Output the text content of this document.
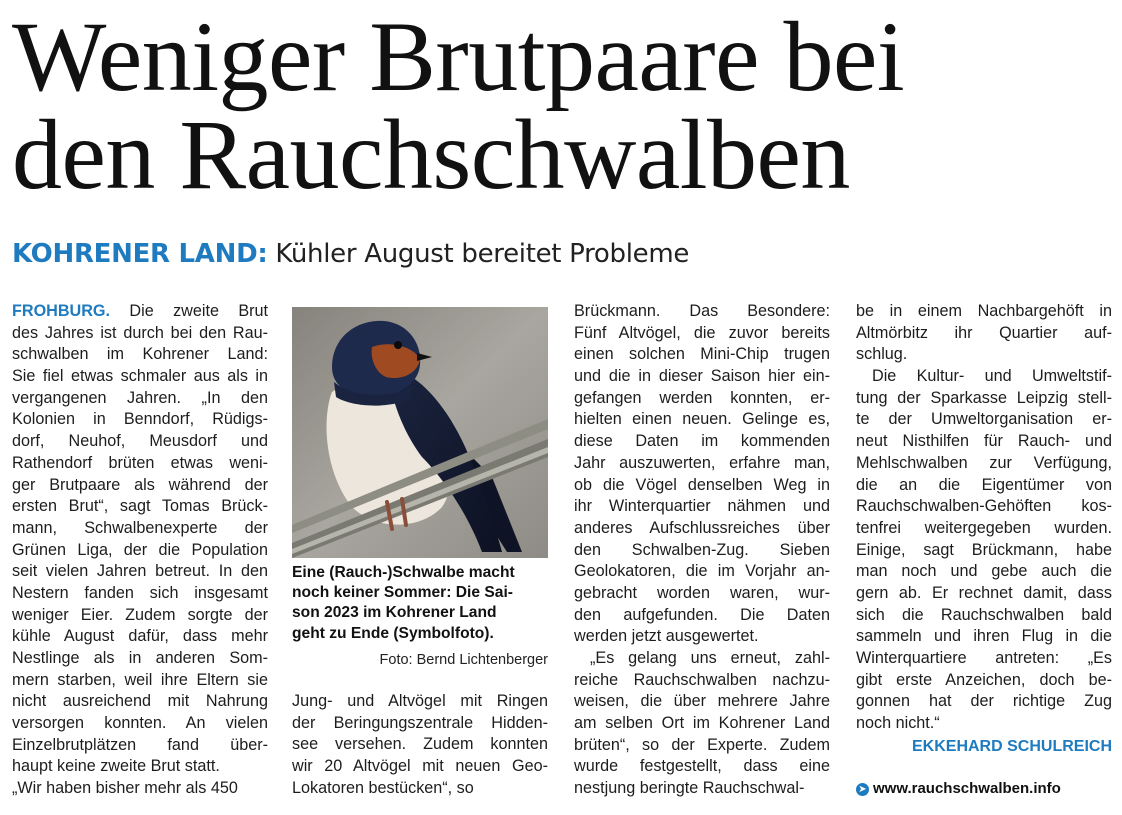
Weniger Brutpaare bei
den Rauchschwalben
KOHRENER LAND: Kühler August bereitet Probleme
FROHBURG. Die zweite Brut
des Jahres ist durch bei den Rau-
schwalben im Kohrener Land:
Sie fiel etwas schmaler aus als in
vergangenen Jahren. „In den
Kolonien in Benndorf, Rüdigs-
dorf, Neuhof, Meusdorf und
Rathendorf brüten etwas weni-
ger Brutpaare als während der
ersten Brut“, sagt Tomas Brück-
mann, Schwalbenexperte der
Grünen Liga, der die Population
seit vielen Jahren betreut. In den
Nestern fanden sich insgesamt
weniger Eier. Zudem sorgte der
kühle August dafür, dass mehr
Nestlinge als in anderen Som-
mern starben, weil ihre Eltern sie
nicht ausreichend mit Nahrung
versorgen konnten. An vielen
Einzelbrutplätzen fand über-
haupt keine zweite Brut statt.
„Wir haben bisher mehr als 450
Eine (Rauch-)Schwalbe macht
noch keiner Sommer: Die Sai-
son 2023 im Kohrener Land
geht zu Ende (Symbolfoto).
Foto: Bernd Lichtenberger
Jung- und Altvögel mit Ringen
der Beringungszentrale Hidden-
see versehen. Zudem konnten
wir 20 Altvögel mit neuen Geo-
Lokatoren bestücken“, so
Brückmann. Das Besondere:
Fünf Altvögel, die zuvor bereits
einen solchen Mini-Chip trugen
und die in dieser Saison hier ein-
gefangen werden konnten, er-
hielten einen neuen. Gelinge es,
diese Daten im kommenden
Jahr auszuwerten, erfahre man,
ob die Vögel denselben Weg in
ihr Winterquartier nähmen und
anderes Aufschlussreiches über
den Schwalben-Zug. Sieben
Geolokatoren, die im Vorjahr an-
gebracht worden waren, wur-
den aufgefunden. Die Daten
werden jetzt ausgewertet.
„Es gelang uns erneut, zahl-
reiche Rauchschwalben nachzu-
weisen, die über mehrere Jahre
am selben Ort im Kohrener Land
brüten“, so der Experte. Zudem
wurde festgestellt, dass eine
nestjung beringte Rauchschwal-
be in einem Nachbargehöft in
Altmörbitz ihr Quartier auf-
schlug.
Die Kultur- und Umweltstif-
tung der Sparkasse Leipzig stell-
te der Umweltorganisation er-
neut Nisthilfen für Rauch- und
Mehlschwalben zur Verfügung,
die an die Eigentümer von
Rauchschwalben-Gehöften kos-
tenfrei weitergegeben wurden.
Einige, sagt Brückmann, habe
man noch und gebe auch die
gern ab. Er rechnet damit, dass
sich die Rauchschwalben bald
sammeln und ihren Flug in die
Winterquartiere antreten: „Es
gibt erste Anzeichen, doch be-
gonnen hat der richtige Zug
noch nicht.“
EKKEHARD SCHULREICH
➤ www.rauchschwalben.info
